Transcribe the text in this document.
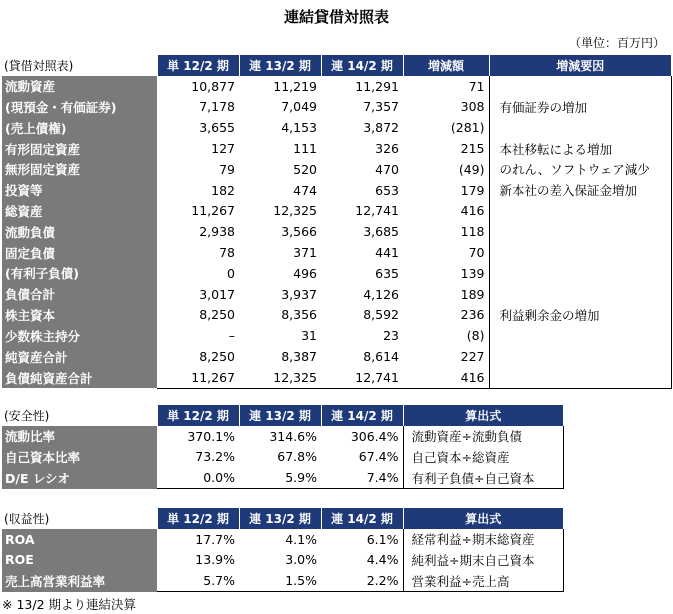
連結貸借対照表
（単位：百万円）
(貸借対照表)	単 12/2 期	連 13/2 期	連 14/2 期	増減額	増減要因
流動資産	10,877	11,219	11,291	71	
(現預金・有価証券)	7,178	7,049	7,357	308	有価証券の増加
(売上債権)	3,655	4,153	3,872	(281)	
有形固定資産	127	111	326	215	本社移転による増加
無形固定資産	79	520	470	(49)	のれん、ソフトウェア減少
投資等	182	474	653	179	新本社の差入保証金増加
総資産	11,267	12,325	12,741	416	
流動負債	2,938	3,566	3,685	118	
固定負債	78	371	441	70	
(有利子負債)	0	496	635	139	
負債合計	3,017	3,937	4,126	189	
株主資本	8,250	8,356	8,592	236	利益剰余金の増加
少数株主持分	–	31	23	(8)	
純資産合計	8,250	8,387	8,614	227	
負債純資産合計	11,267	12,325	12,741	416	
(安全性)	単 12/2 期	連 13/2 期	連 14/2 期	算出式
流動比率	370.1%	314.6%	306.4%	流動資産÷流動負債
自己資本比率	73.2%	67.8%	67.4%	自己資本÷総資産
D/E レシオ	0.0%	5.9%	7.4%	有利子負債÷自己資本
(収益性)	単 12/2 期	連 13/2 期	連 14/2 期	算出式
ROA	17.7%	4.1%	6.1%	経常利益÷期末総資産
ROE	13.9%	3.0%	4.4%	純利益÷期末自己資本
売上高営業利益率	5.7%	1.5%	2.2%	営業利益÷売上高
※ 13/2 期より連結決算
